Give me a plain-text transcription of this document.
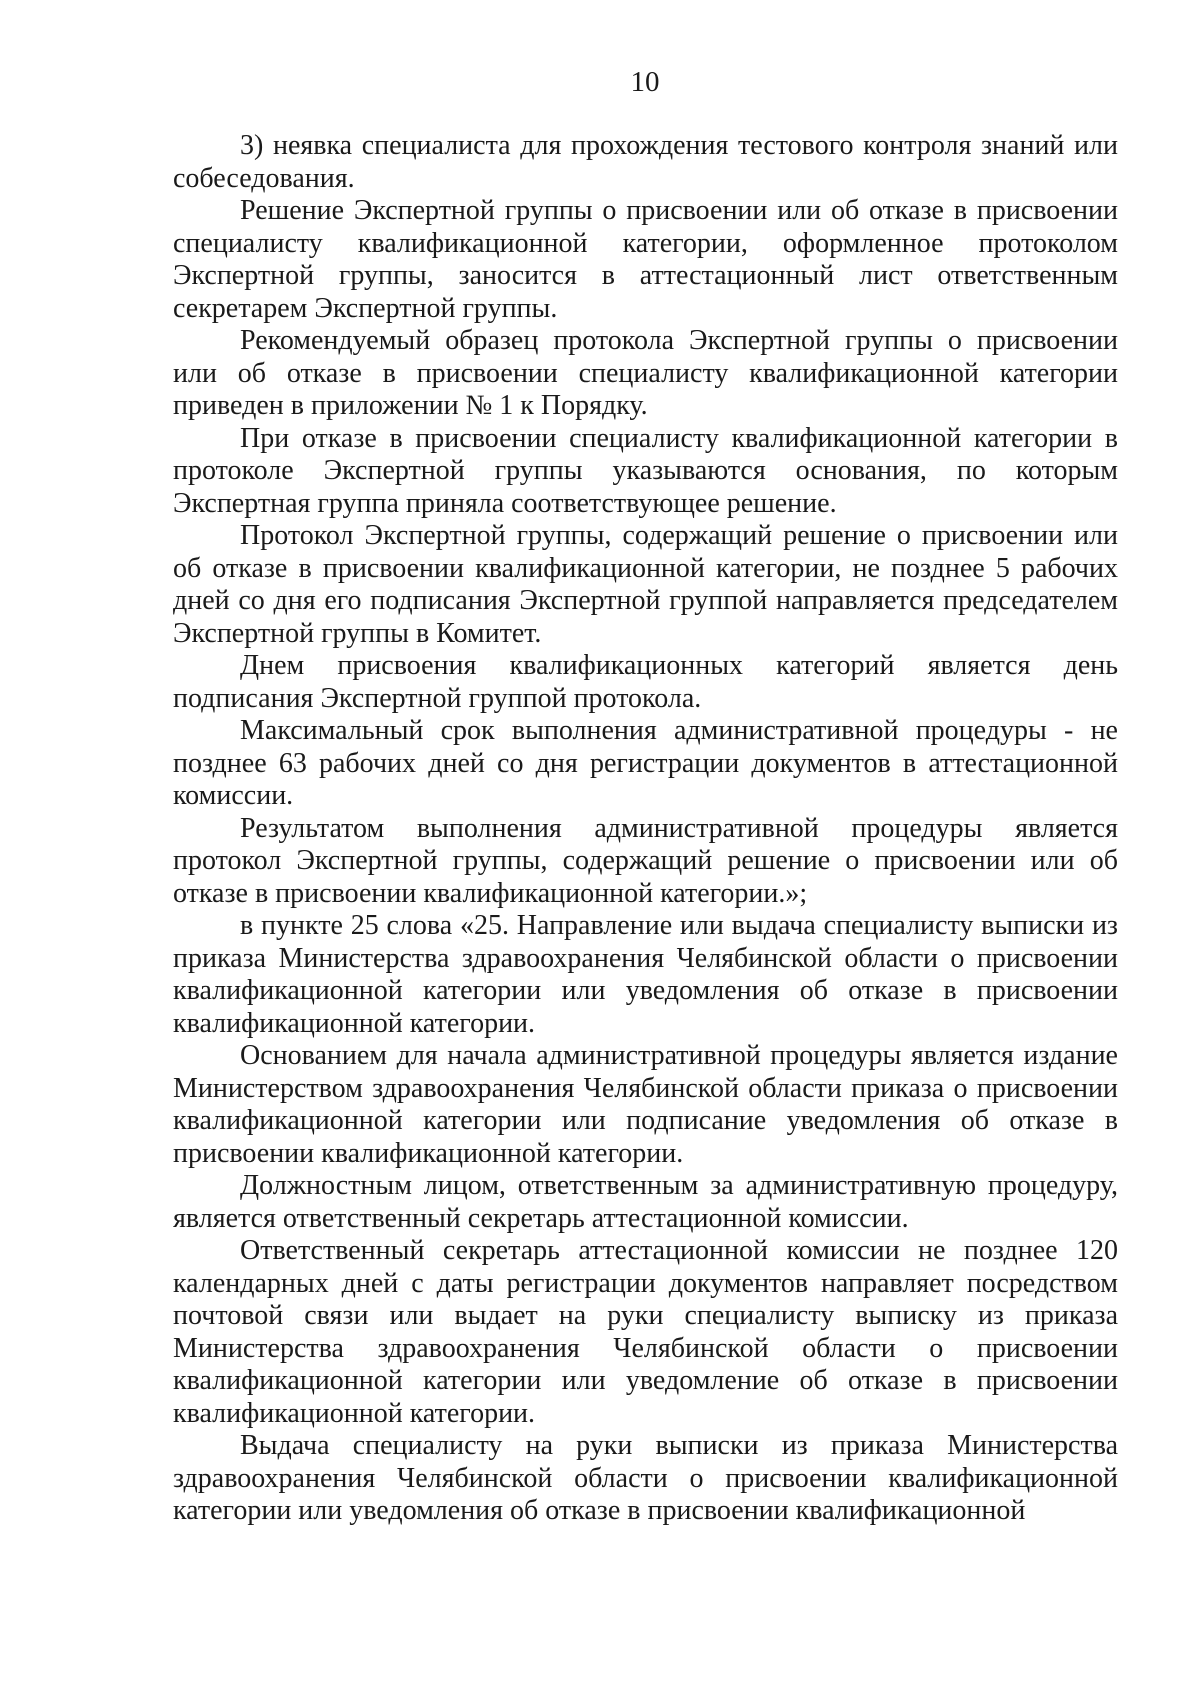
10

3) неявка специалиста для прохождения тестового контроля знаний или собеседования.

Решение Экспертной группы о присвоении или об отказе в присвоении специалисту квалификационной категории, оформленное протоколом Экспертной группы, заносится в аттестационный лист ответственным секретарем Экспертной группы.

Рекомендуемый образец протокола Экспертной группы о присвоении или об отказе в присвоении специалисту квалификационной категории приведен в приложении № 1 к Порядку.

При отказе в присвоении специалисту квалификационной категории в протоколе Экспертной группы указываются основания, по которым Экспертная группа приняла соответствующее решение.

Протокол Экспертной группы, содержащий решение о присвоении или об отказе в присвоении квалификационной категории, не позднее 5 рабочих дней со дня его подписания Экспертной группой направляется председателем Экспертной группы в Комитет.

Днем присвоения квалификационных категорий является день подписания Экспертной группой протокола.

Максимальный срок выполнения административной процедуры - не позднее 63 рабочих дней со дня регистрации документов в аттестационной комиссии.

Результатом выполнения административной процедуры является протокол Экспертной группы, содержащий решение о присвоении или об отказе в присвоении квалификационной категории.»;

в пункте 25 слова «25. Направление или выдача специалисту выписки из приказа Министерства здравоохранения Челябинской области о присвоении квалификационной категории или уведомления об отказе в присвоении квалификационной категории.

Основанием для начала административной процедуры является издание Министерством здравоохранения Челябинской области приказа о присвоении квалификационной категории или подписание уведомления об отказе в присвоении квалификационной категории.

Должностным лицом, ответственным за административную процедуру, является ответственный секретарь аттестационной комиссии.

Ответственный секретарь аттестационной комиссии не позднее 120 календарных дней с даты регистрации документов направляет посредством почтовой связи или выдает на руки специалисту выписку из приказа Министерства здравоохранения Челябинской области о присвоении квалификационной категории или уведомление об отказе в присвоении квалификационной категории.

Выдача специалисту на руки выписки из приказа Министерства здравоохранения Челябинской области о присвоении квалификационной категории или уведомления об отказе в присвоении квалификационной
